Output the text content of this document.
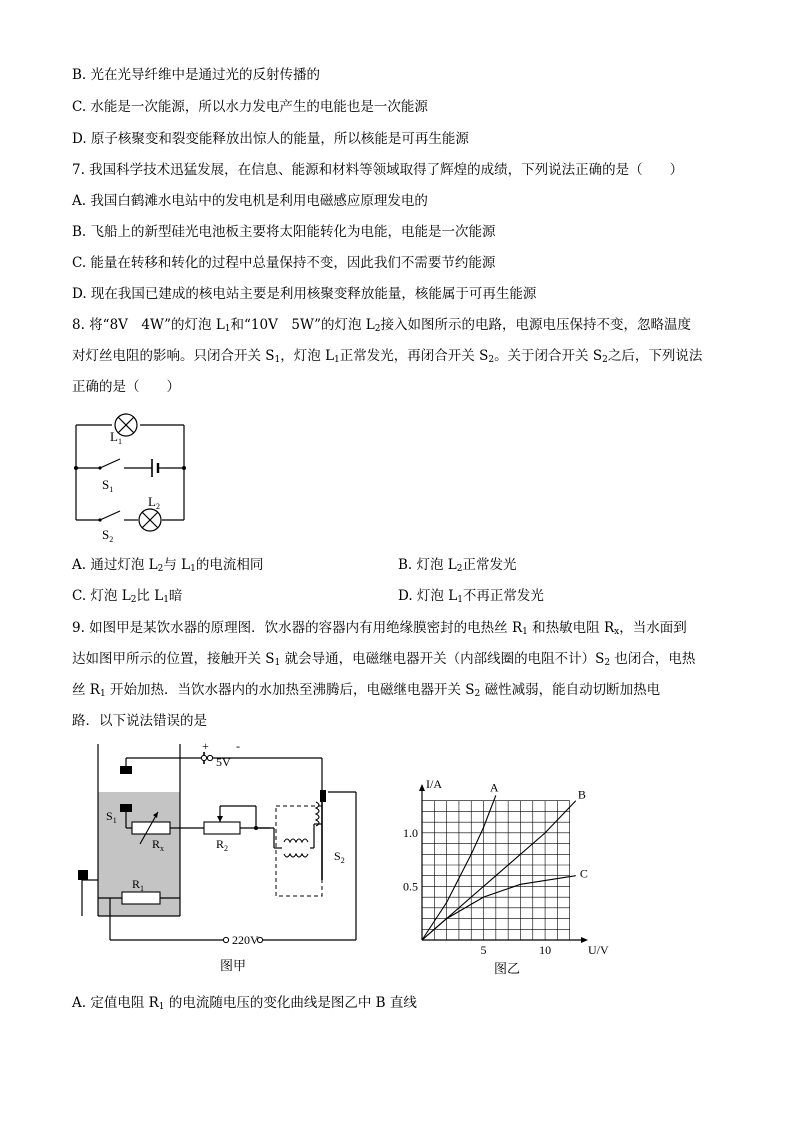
B. 光在光导纤维中是通过光的反射传播的
C. 水能是一次能源，所以水力发电产生的电能也是一次能源
D. 原子核聚变和裂变能释放出惊人的能量，所以核能是可再生能源
7. 我国科学技术迅猛发展，在信息、能源和材料等领域取得了辉煌的成绩，下列说法正确的是（　　）
A. 我国白鹤滩水电站中的发电机是利用电磁感应原理发电的
B. 飞船上的新型硅光电池板主要将太阳能转化为电能，电能是一次能源
C. 能量在转移和转化的过程中总量保持不变，因此我们不需要节约能源
D. 现在我国已建成的核电站主要是利用核聚变释放能量，核能属于可再生能源
8. 将“8V　4W”的灯泡 $L_1$和“10V　5W”的灯泡 $L_2$接入如图所示的电路，电源电压保持不变，忽略温度
对灯丝电阻的影响。只闭合开关 $S_1$，灯泡 $L_1$正常发光，再闭合开关 $S_2$。关于闭合开关 $S_2$之后，下列说法
正确的是（　　）
$L_1$
$S_1$
$L_2$
$S_2$
A. 通过灯泡 $L_2$与 $L_1$的电流相同	B. 灯泡 $L_2$正常发光
C. 灯泡 $L_2$比 $L_1$暗	D. 灯泡 $L_1$不再正常发光
9. 如图甲是某饮水器的原理图．饮水器的容器内有用绝缘膜密封的电热丝 $R_1$ 和热敏电阻 $R_x$，当水面到
达如图甲所示的位置，接触开关 $S_1$ 就会导通，电磁继电器开关（内部线圈的电阻不计）$S_2$ 也闭合，电热
丝 $R_1$ 开始加热．当饮水器内的水加热至沸腾后，电磁继电器开关 $S_2$ 磁性减弱，能自动切断加热电
路．以下说法错误的是
+ -
5V
220V
$S_1$
$R_x$	$R_2$
$R_1$
$S_2$
图甲
I/A
U/V
1.0
0.5
5	10
A
B
C
图乙
A. 定值电阻 $R_1$ 的电流随电压的变化曲线是图乙中 B 直线
